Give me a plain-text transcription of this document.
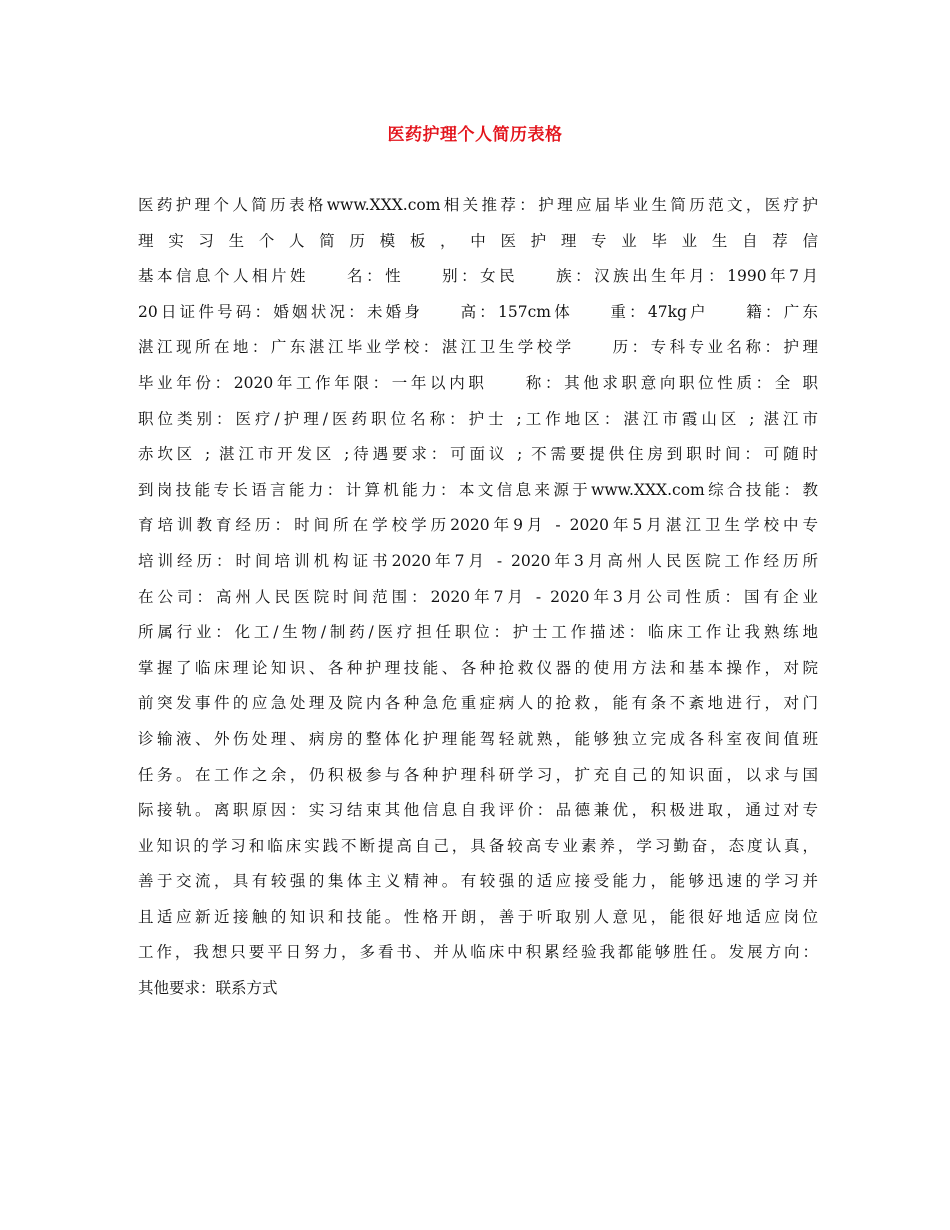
医药护理个人简历表格
医药护理个人简历表格www.XXX.com相关推荐：护理应届毕业生简历范文，医疗护
理实习生个人简历模板，中医护理专业毕业生自荐信
基本信息个人相片姓　　名：性　　别：女民　　族：汉族出生年月：1990年7月
20日证件号码：婚姻状况：未婚身　　高：157cm体　　重：47kg户　　籍：广东
湛江现所在地：广东湛江毕业学校：湛江卫生学校学　　历：专科专业名称：护理
毕业年份：2020年工作年限：一年以内职　　称：其他求职意向职位性质：全 职
职位类别：医疗/护理/医药职位名称：护士 ;工作地区：湛江市霞山区 ; 湛江市
赤坎区 ; 湛江市开发区 ;待遇要求：可面议 ; 不需要提供住房到职时间：可随时
到岗技能专长语言能力：计算机能力：本文信息来源于www.XXX.com综合技能：教
育培训教育经历：时间所在学校学历2020年9月 - 2020年5月湛江卫生学校中专
培训经历：时间培训机构证书2020年7月 - 2020年3月高州人民医院工作经历所
在公司：高州人民医院时间范围：2020年7月 - 2020年3月公司性质：国有企业
所属行业：化工/生物/制药/医疗担任职位：护士工作描述：临床工作让我熟练地
掌握了临床理论知识、各种护理技能、各种抢救仪器的使用方法和基本操作，对院
前突发事件的应急处理及院内各种急危重症病人的抢救，能有条不紊地进行，对门
诊输液、外伤处理、病房的整体化护理能驾轻就熟，能够独立完成各科室夜间值班
任务。在工作之余，仍积极参与各种护理科研学习，扩充自己的知识面，以求与国
际接轨。离职原因：实习结束其他信息自我评价：品德兼优，积极进取，通过对专
业知识的学习和临床实践不断提高自己，具备较高专业素养，学习勤奋，态度认真，
善于交流，具有较强的集体主义精神。有较强的适应接受能力，能够迅速的学习并
且适应新近接触的知识和技能。性格开朗，善于听取别人意见，能很好地适应岗位
工作，我想只要平日努力，多看书、并从临床中积累经验我都能够胜任。发展方向：
其他要求：联系方式
